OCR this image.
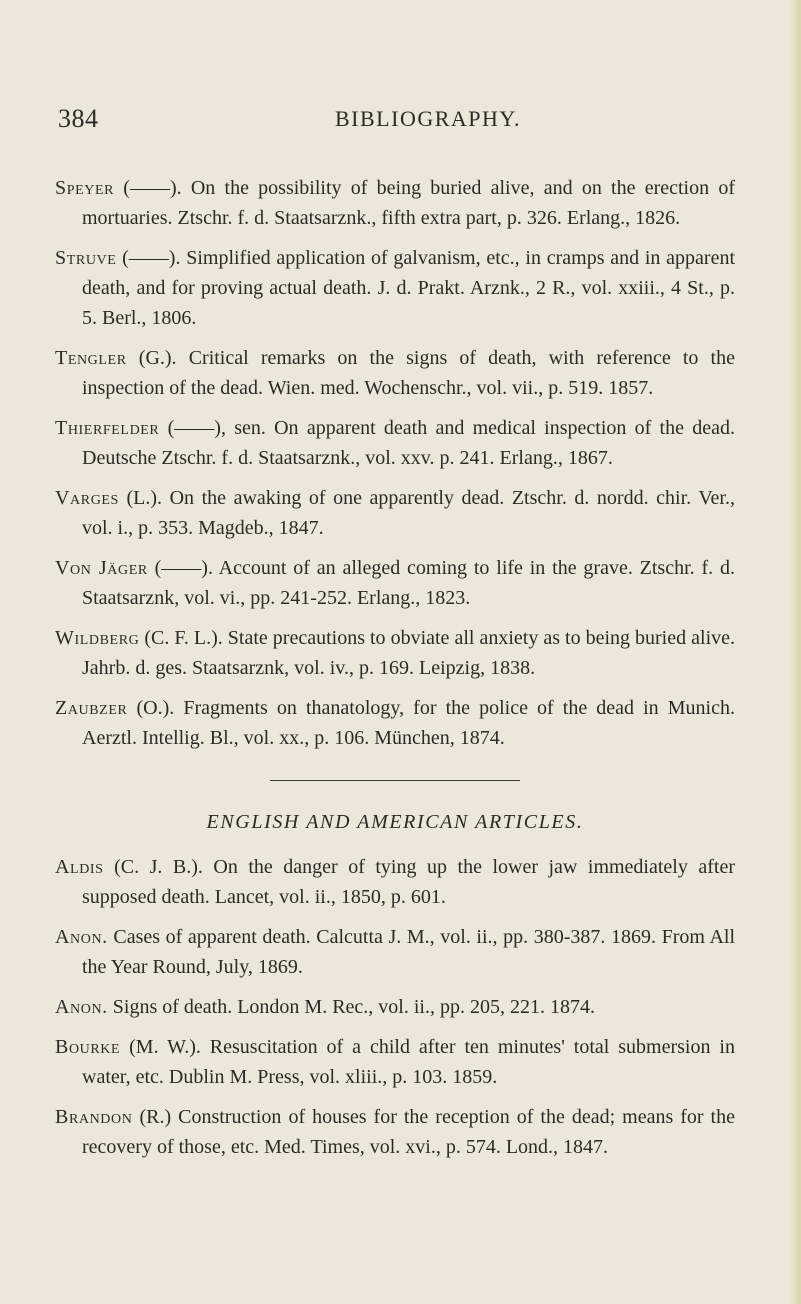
384	BIBLIOGRAPHY.

Speyer (——). On the possibility of being buried alive, and on the erection of mortuaries. Ztschr. f. d. Staatsarznk., fifth extra part, p. 326. Erlang., 1826.

Struve (——). Simplified application of galvanism, etc., in cramps and in apparent death, and for proving actual death. J. d. Prakt. Arznk., 2 R., vol. xxiii., 4 St., p. 5. Berl., 1806.

Tengler (G.). Critical remarks on the signs of death, with reference to the inspection of the dead. Wien. med. Wochenschr., vol. vii., p. 519. 1857.

Thierfelder (——), sen. On apparent death and medical inspection of the dead. Deutsche Ztschr. f. d. Staatsarznk., vol. xxv. p. 241. Erlang., 1867.

Varges (L.). On the awaking of one apparently dead. Ztschr. d. nordd. chir. Ver., vol. i., p. 353. Magdeb., 1847.

Von Jäger (——). Account of an alleged coming to life in the grave. Ztschr. f. d. Staatsarznk, vol. vi., pp. 241-252. Erlang., 1823.

Wildberg (C. F. L.). State precautions to obviate all anxiety as to being buried alive. Jahrb. d. ges. Staatsarznk, vol. iv., p. 169. Leipzig, 1838.

Zaubzer (O.). Fragments on thanatology, for the police of the dead in Munich. Aerztl. Intellig. Bl., vol. xx., p. 106. München, 1874.

ENGLISH AND AMERICAN ARTICLES.

Aldis (C. J. B.). On the danger of tying up the lower jaw immediately after supposed death. Lancet, vol. ii., 1850, p. 601.

Anon. Cases of apparent death. Calcutta J. M., vol. ii., pp. 380-387. 1869. From All the Year Round, July, 1869.

Anon. Signs of death. London M. Rec., vol. ii., pp. 205, 221. 1874.

Bourke (M. W.). Resuscitation of a child after ten minutes' total submersion in water, etc. Dublin M. Press, vol. xliii., p. 103. 1859.

Brandon (R.) Construction of houses for the reception of the dead; means for the recovery of those, etc. Med. Times, vol. xvi., p. 574. Lond., 1847.
